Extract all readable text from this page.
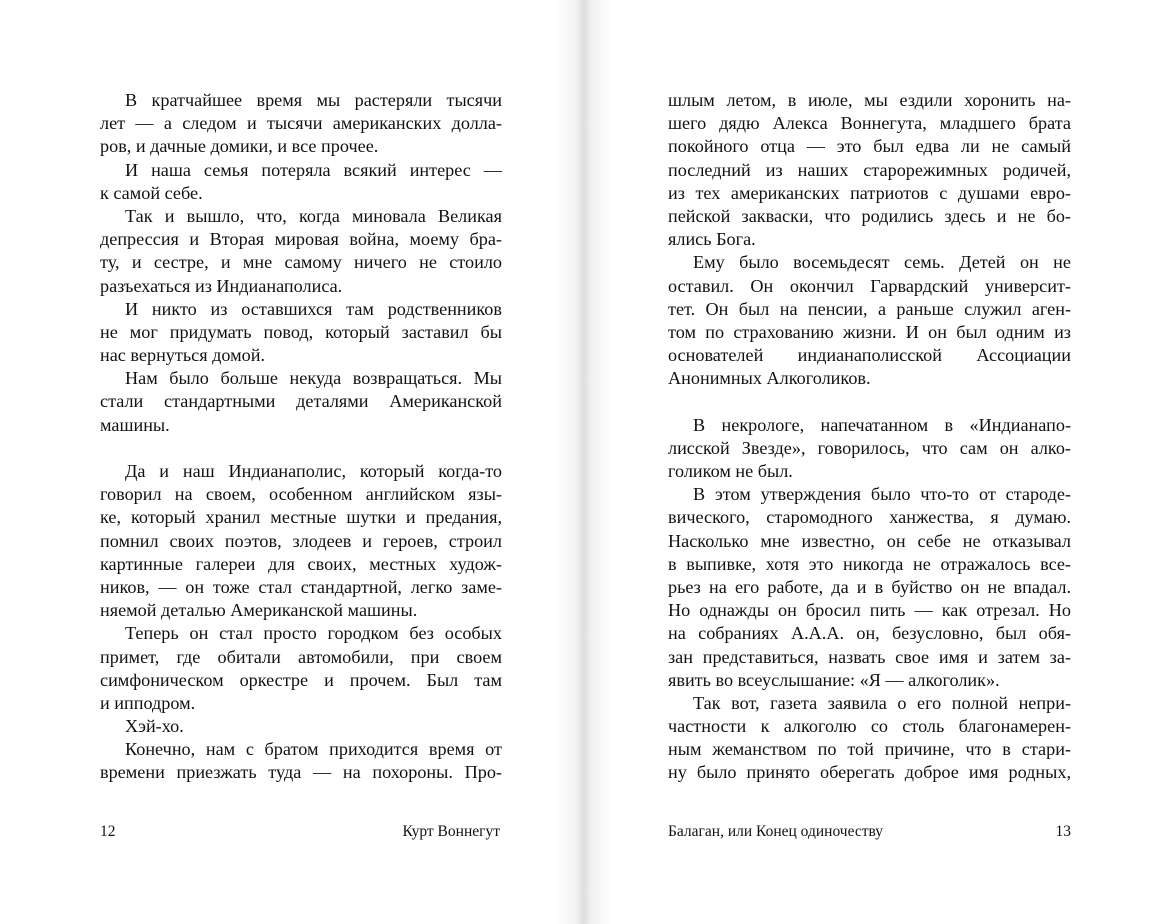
В кратчайшее время мы растеряли тысячи
лет — а следом и тысячи американских долла-
ров, и дачные домики, и все прочее.
И наша семья потеряла всякий интерес —
к самой себе.
Так и вышло, что, когда миновала Великая
депрессия и Вторая мировая война, моему бра-
ту, и сестре, и мне самому ничего не стоило
разъехаться из Индианаполиса.
И никто из оставшихся там родственников
не мог придумать повод, который заставил бы
нас вернуться домой.
Нам было больше некуда возвращаться. Мы
стали стандартными деталями Американской
машины.
Да и наш Индианаполис, который когда-то
говорил на своем, особенном английском язы-
ке, который хранил местные шутки и предания,
помнил своих поэтов, злодеев и героев, строил
картинные галереи для своих, местных худож-
ников, — он тоже стал стандартной, легко заме-
няемой деталью Американской машины.
Теперь он стал просто городком без особых
примет, где обитали автомобили, при своем
симфоническом оркестре и прочем. Был там
и ипподром.
Хэй-хо.
Конечно, нам с братом приходится время от
времени приезжать туда — на похороны. Про-
12	Курт Воннегут
шлым летом, в июле, мы ездили хоронить на-
шего дядю Алекса Воннегута, младшего брата
покойного отца — это был едва ли не самый
последний из наших старорежимных родичей,
из тех американских патриотов с душами евро-
пейской закваски, что родились здесь и не бо-
ялись Бога.
Ему было восемьдесят семь. Детей он не
оставил. Он окончил Гарвардский университ-
тет. Он был на пенсии, а раньше служил аген-
том по страхованию жизни. И он был одним из
основателей индианаполисской Ассоциации
Анонимных Алкоголиков.
В некрологе, напечатанном в «Индианапо-
лисской Звезде», говорилось, что сам он алко-
голиком не был.
В этом утверждения было что-то от староде-
вического, старомодного ханжества, я думаю.
Насколько мне известно, он себе не отказывал
в выпивке, хотя это никогда не отражалось все-
рьез на его работе, да и в буйство он не впадал.
Но однажды он бросил пить — как отрезал. Но
на собраниях А.А.А. он, безусловно, был обя-
зан представиться, назвать свое имя и затем за-
явить во всеуслышание: «Я — алкоголик».
Так вот, газета заявила о его полной непри-
частности к алкоголю со столь благонамерен-
ным жеманством по той причине, что в стари-
ну было принято оберегать доброе имя родных,
Балаган, или Конец одиночеству	13
